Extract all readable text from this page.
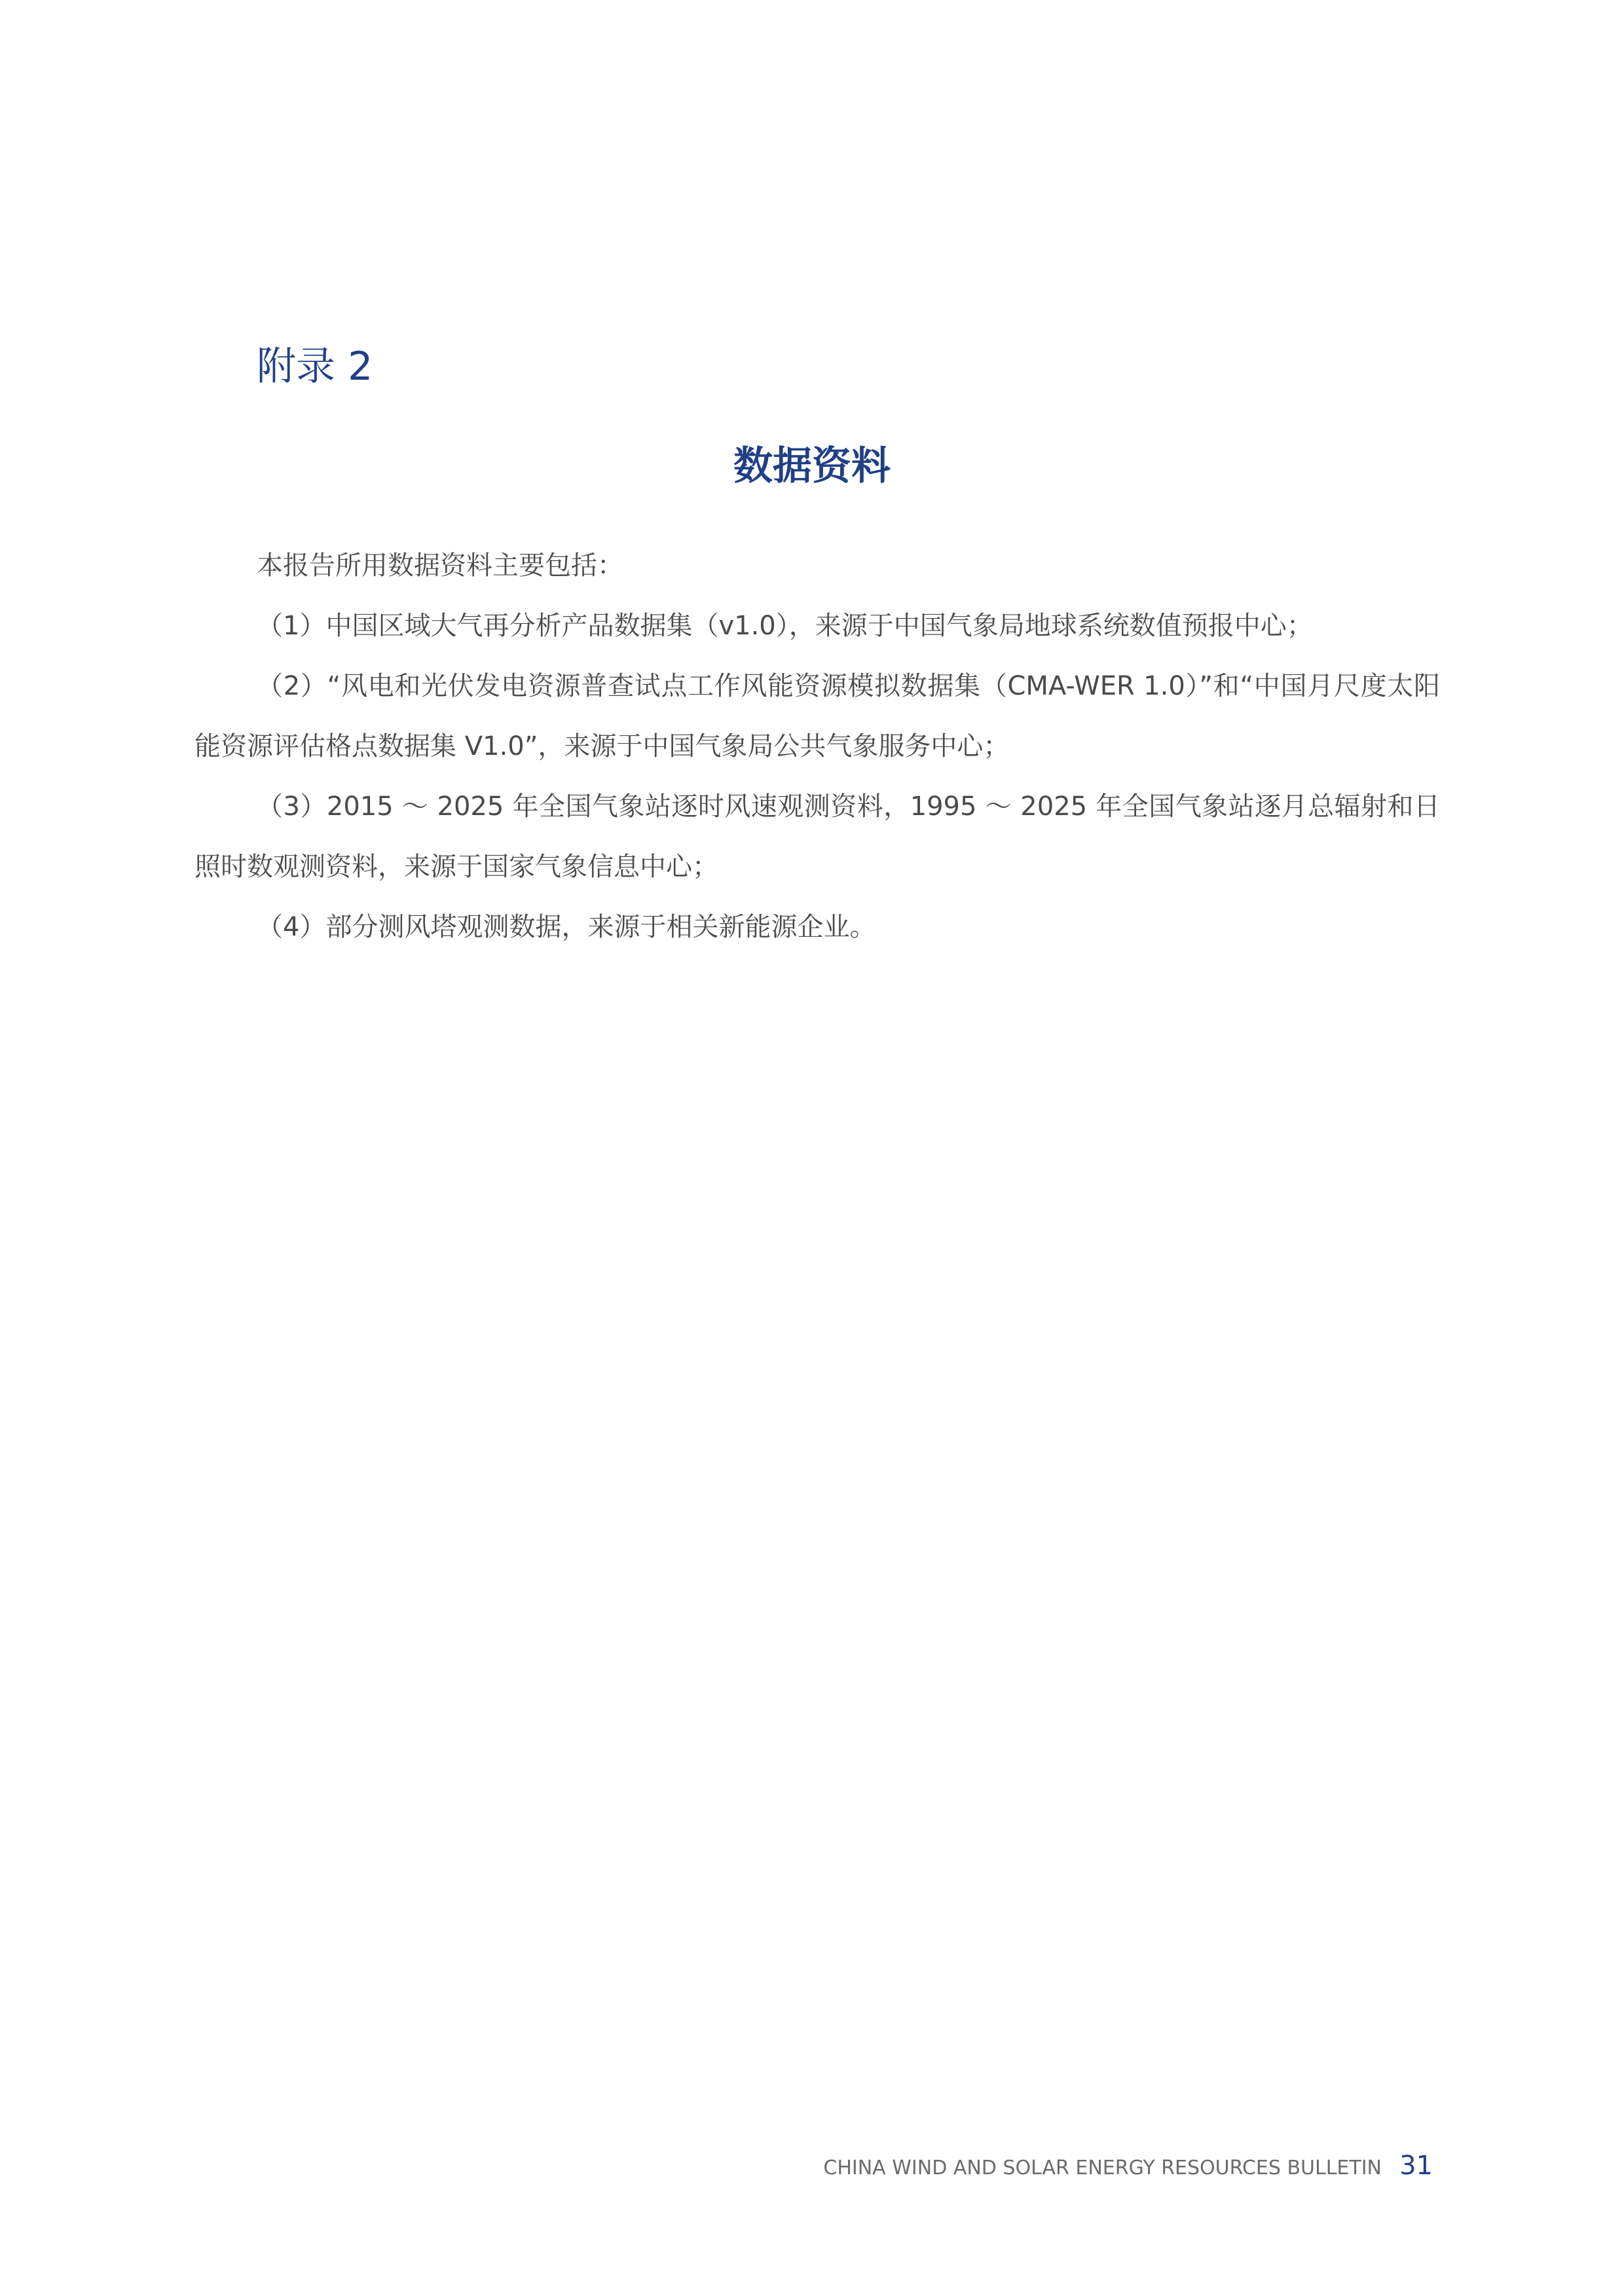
附录 2
数据资料

本报告所用数据资料主要包括：

（1）中国区域大气再分析产品数据集（v1.0），来源于中国气象局地球系统数值预报中心；

（2）“风电和光伏发电资源普查试点工作风能资源模拟数据集（CMA-WER 1.0）”和“中国月尺度太阳能资源评估格点数据集 V1.0”，来源于中国气象局公共气象服务中心；

（3）2015 ～ 2025 年全国气象站逐时风速观测资料，1995 ～ 2025 年全国气象站逐月总辐射和日照时数观测资料，来源于国家气象信息中心；

（4）部分测风塔观测数据，来源于相关新能源企业。

CHINA WIND AND SOLAR ENERGY RESOURCES BULLETIN 31
